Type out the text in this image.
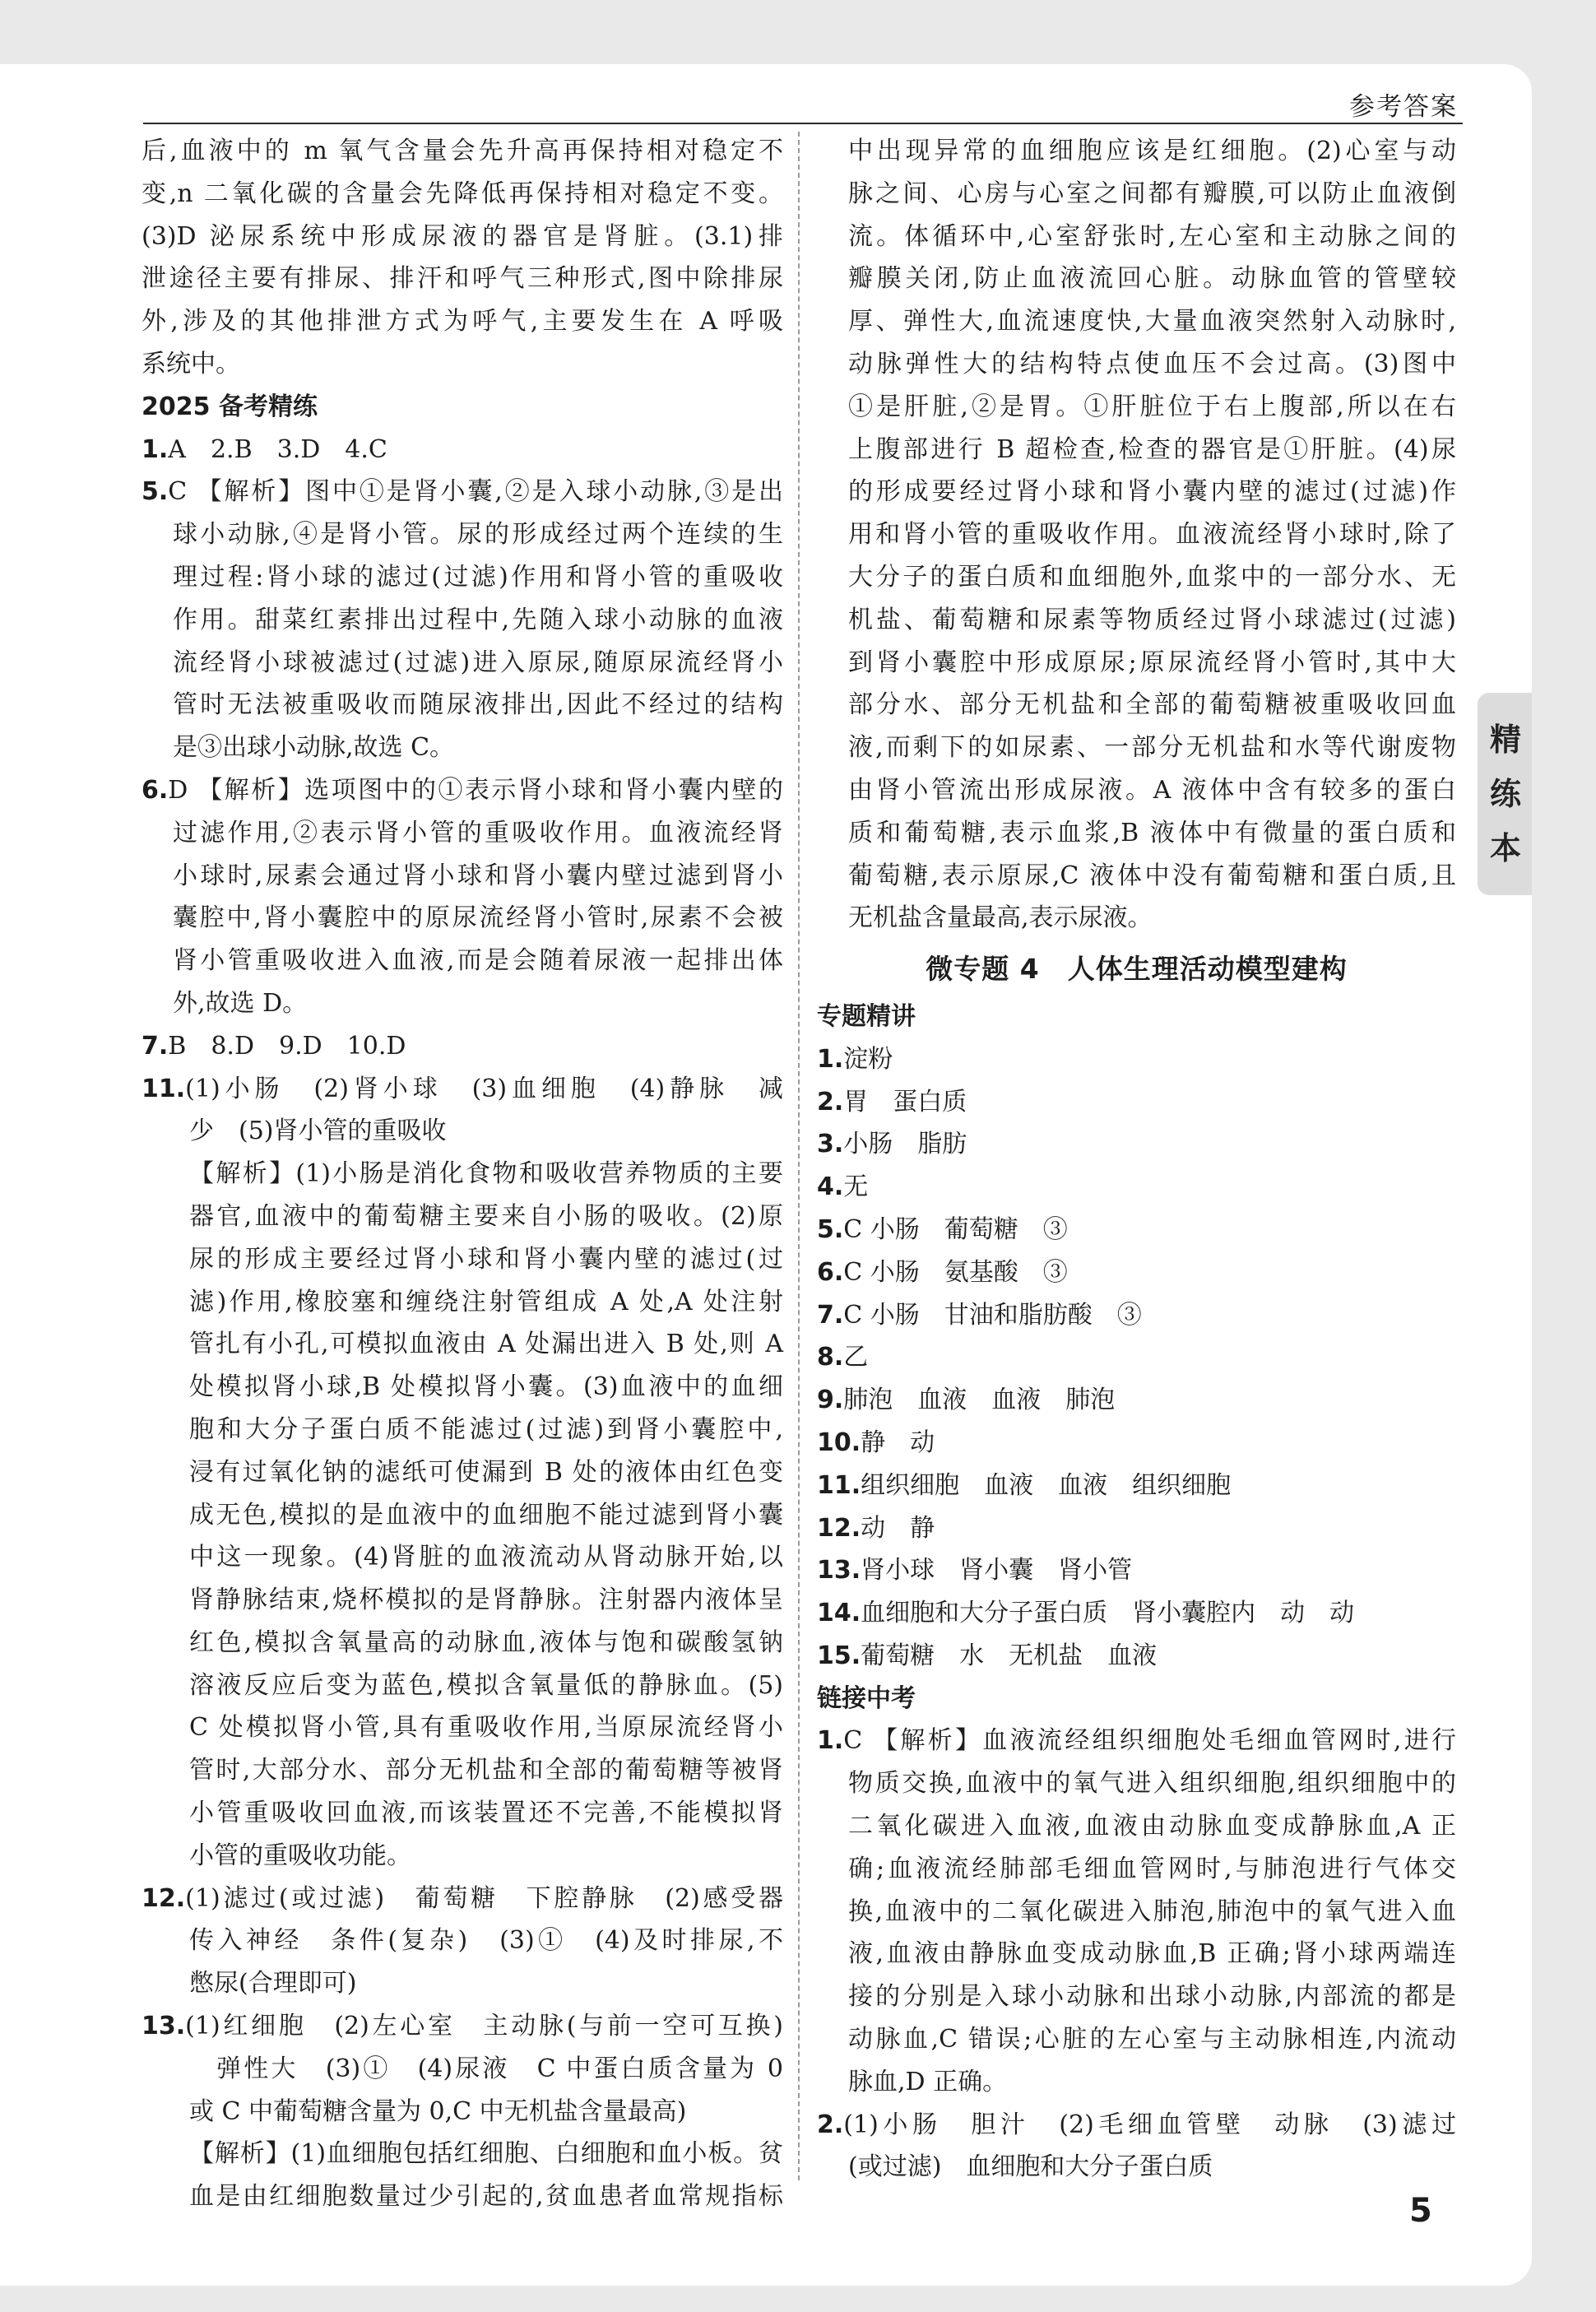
参考答案

后,血液中的 m 氧气含量会先升高再保持相对稳定不

变,n 二氧化碳的含量会先降低再保持相对稳定不变。

(3)D 泌尿系统中形成尿液的器官是肾脏。(3.1)排

泄途径主要有排尿、排汗和呼气三种形式,图中除排尿

外,涉及的其他排泄方式为呼气,主要发生在 A 呼吸

系统中。

2025 备考精练

1.A　2.B　3.D　4.C

5.C 【解析】图中①是肾小囊,②是入球小动脉,③是出

球小动脉,④是肾小管。尿的形成经过两个连续的生

理过程:肾小球的滤过(过滤)作用和肾小管的重吸收

作用。甜菜红素排出过程中,先随入球小动脉的血液

流经肾小球被滤过(过滤)进入原尿,随原尿流经肾小

管时无法被重吸收而随尿液排出,因此不经过的结构

是③出球小动脉,故选 C。

6.D 【解析】选项图中的①表示肾小球和肾小囊内壁的

过滤作用,②表示肾小管的重吸收作用。血液流经肾

小球时,尿素会通过肾小球和肾小囊内壁过滤到肾小

囊腔中,肾小囊腔中的原尿流经肾小管时,尿素不会被

肾小管重吸收进入血液,而是会随着尿液一起排出体

外,故选 D。

7.B　8.D　9.D　10.D

11.(1)小肠　(2)肾小球　(3)血细胞　(4)静脉　减

少　(5)肾小管的重吸收

【解析】(1)小肠是消化食物和吸收营养物质的主要

器官,血液中的葡萄糖主要来自小肠的吸收。(2)原

尿的形成主要经过肾小球和肾小囊内壁的滤过(过

滤)作用,橡胶塞和缠绕注射管组成 A 处,A 处注射

管扎有小孔,可模拟血液由 A 处漏出进入 B 处,则 A

处模拟肾小球,B 处模拟肾小囊。(3)血液中的血细

胞和大分子蛋白质不能滤过(过滤)到肾小囊腔中,

浸有过氧化钠的滤纸可使漏到 B 处的液体由红色变

成无色,模拟的是血液中的血细胞不能过滤到肾小囊

中这一现象。(4)肾脏的血液流动从肾动脉开始,以

肾静脉结束,烧杯模拟的是肾静脉。注射器内液体呈

红色,模拟含氧量高的动脉血,液体与饱和碳酸氢钠

溶液反应后变为蓝色,模拟含氧量低的静脉血。(5)

C 处模拟肾小管,具有重吸收作用,当原尿流经肾小

管时,大部分水、部分无机盐和全部的葡萄糖等被肾

小管重吸收回血液,而该装置还不完善,不能模拟肾

小管的重吸收功能。

12.(1)滤过(或过滤)　葡萄糖　下腔静脉　(2)感受器

传入神经　条件(复杂)　(3)①　(4)及时排尿,不

憋尿(合理即可)

13.(1)红细胞　(2)左心室　主动脉(与前一空可互换)

　弹性大　(3)①　(4)尿液　C 中蛋白质含量为 0

或 C 中葡萄糖含量为 0,C 中无机盐含量最高)

【解析】(1)血细胞包括红细胞、白细胞和血小板。贫

血是由红细胞数量过少引起的,贫血患者血常规指标

中出现异常的血细胞应该是红细胞。(2)心室与动

脉之间、心房与心室之间都有瓣膜,可以防止血液倒

流。体循环中,心室舒张时,左心室和主动脉之间的

瓣膜关闭,防止血液流回心脏。动脉血管的管壁较

厚、弹性大,血流速度快,大量血液突然射入动脉时,

动脉弹性大的结构特点使血压不会过高。(3)图中

①是肝脏,②是胃。①肝脏位于右上腹部,所以在右

上腹部进行 B 超检查,检查的器官是①肝脏。(4)尿

的形成要经过肾小球和肾小囊内壁的滤过(过滤)作

用和肾小管的重吸收作用。血液流经肾小球时,除了

大分子的蛋白质和血细胞外,血浆中的一部分水、无

机盐、葡萄糖和尿素等物质经过肾小球滤过(过滤)

到肾小囊腔中形成原尿;原尿流经肾小管时,其中大

部分水、部分无机盐和全部的葡萄糖被重吸收回血

液,而剩下的如尿素、一部分无机盐和水等代谢废物

由肾小管流出形成尿液。A 液体中含有较多的蛋白

质和葡萄糖,表示血浆,B 液体中有微量的蛋白质和

葡萄糖,表示原尿,C 液体中没有葡萄糖和蛋白质,且

无机盐含量最高,表示尿液。

微专题 4　人体生理活动模型建构

专题精讲

1.淀粉

2.胃　蛋白质

3.小肠　脂肪

4.无

5.C 小肠　葡萄糖　③

6.C 小肠　氨基酸　③

7.C 小肠　甘油和脂肪酸　③

8.乙

9.肺泡　血液　血液　肺泡

10.静　动

11.组织细胞　血液　血液　组织细胞

12.动　静

13.肾小球　肾小囊　肾小管

14.血细胞和大分子蛋白质　肾小囊腔内　动　动

15.葡萄糖　水　无机盐　血液

链接中考

1.C 【解析】血液流经组织细胞处毛细血管网时,进行

物质交换,血液中的氧气进入组织细胞,组织细胞中的

二氧化碳进入血液,血液由动脉血变成静脉血,A 正

确;血液流经肺部毛细血管网时,与肺泡进行气体交

换,血液中的二氧化碳进入肺泡,肺泡中的氧气进入血

液,血液由静脉血变成动脉血,B 正确;肾小球两端连

接的分别是入球小动脉和出球小动脉,内部流的都是

动脉血,C 错误;心脏的左心室与主动脉相连,内流动

脉血,D 正确。

2.(1)小肠　胆汁　(2)毛细血管壁　动脉　(3)滤过

(或过滤)　血细胞和大分子蛋白质

精练本
5
